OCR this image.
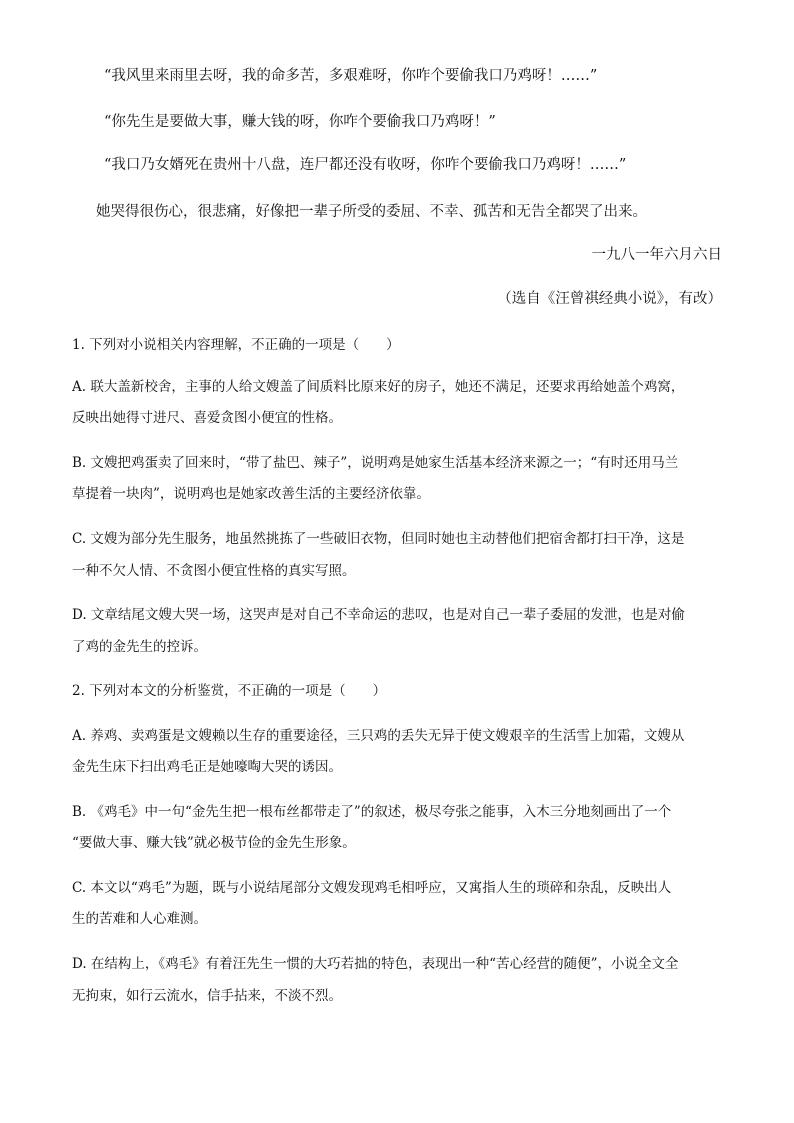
“我风里来雨里去呀，我的命多苦，多艰难呀，你咋个要偷我口乃鸡呀！……”
“你先生是要做大事，赚大钱的呀，你咋个要偷我口乃鸡呀！”
“我口乃女婿死在贵州十八盘，连尸都还没有收呀，你咋个要偷我口乃鸡呀！……”
她哭得很伤心，很悲痛，好像把一辈子所受的委屈、不幸、孤苦和无告全都哭了出来。
一九八一年六月六日
（选自《汪曾祺经典小说》，有改）
1. 下列对小说相关内容理解，不正确的一项是（　　）
A. 联大盖新校舍，主事的人给文嫂盖了间质料比原来好的房子，她还不满足，还要求再给她盖个鸡窝，
反映出她得寸进尺、喜爱贪图小便宜的性格。
B. 文嫂把鸡蛋卖了回来时，“带了盐巴、辣子”，说明鸡是她家生活基本经济来源之一；“有时还用马兰
草提着一块肉”，说明鸡也是她家改善生活的主要经济依靠。
C. 文嫂为部分先生服务，地虽然挑拣了一些破旧衣物，但同时她也主动替他们把宿舍都打扫干净，这是
一种不欠人情、不贪图小便宜性格的真实写照。
D. 文章结尾文嫂大哭一场，这哭声是对自己不幸命运的悲叹，也是对自己一辈子委屈的发泄，也是对偷
了鸡的金先生的控诉。
2. 下列对本文的分析鉴赏，不正确的一项是（　　）
A. 养鸡、卖鸡蛋是文嫂赖以生存的重要途径，三只鸡的丢失无异于使文嫂艰辛的生活雪上加霜，文嫂从
金先生床下扫出鸡毛正是她嚎啕大哭的诱因。
B. 《鸡毛》中一句“金先生把一根布丝都带走了”的叙述，极尽夸张之能事，入木三分地刻画出了一个
“要做大事、赚大钱”就必极节俭的金先生形象。
C. 本文以“鸡毛”为题，既与小说结尾部分文嫂发现鸡毛相呼应，又寓指人生的琐碎和杂乱，反映出人
生的苦难和人心难测。
D. 在结构上，《鸡毛》有着汪先生一惯的大巧若拙的特色，表现出一种“苦心经营的随便”，小说全文全
无拘束，如行云流水，信手拈来，不淡不烈。
